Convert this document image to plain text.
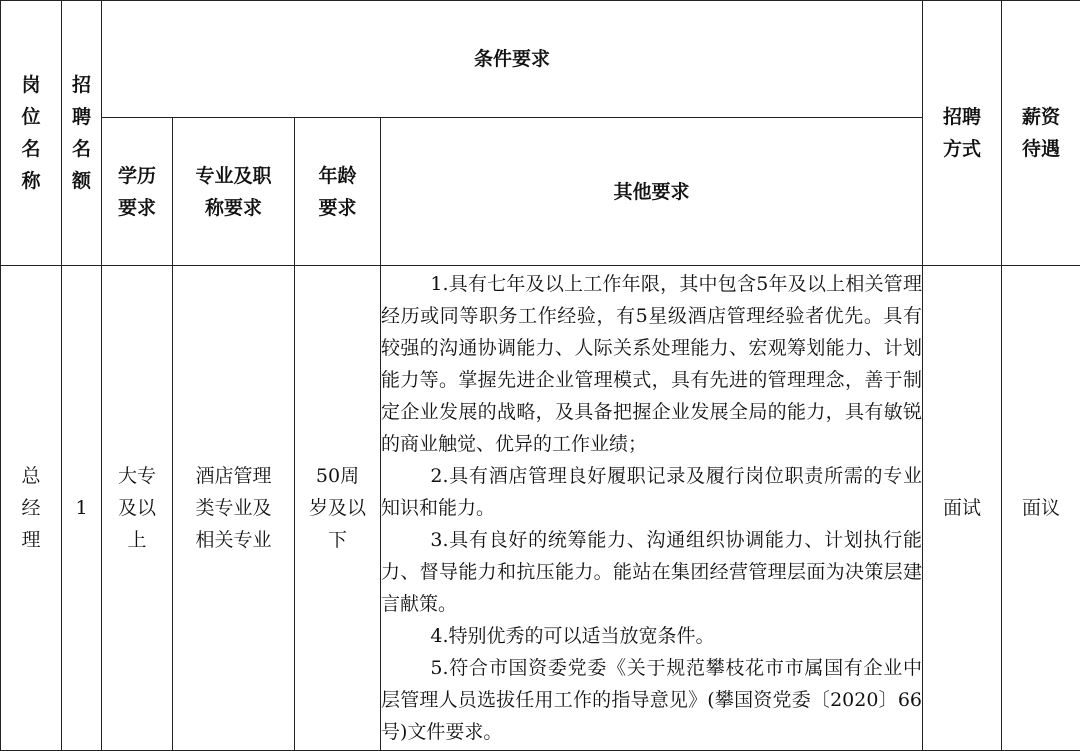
岗位名称	招聘名额	条件要求				招聘方式	薪资待遇
		学历要求	专业及职称要求	年龄要求	其他要求		
总经理	1	大专及以上	酒店管理类专业及相关专业	50周岁及以下	1.具有七年及以上工作年限，其中包含5年及以上相关管理经历或同等职务工作经验，有5星级酒店管理经验者优先。具有较强的沟通协调能力、人际关系处理能力、宏观筹划能力、计划能力等。掌握先进企业管理模式，具有先进的管理理念，善于制定企业发展的战略，及具备把握企业发展全局的能力，具有敏锐的商业触觉、优异的工作业绩；

2.具有酒店管理良好履职记录及履行岗位职责所需的专业知识和能力。

3.具有良好的统筹能力、沟通组织协调能力、计划执行能力、督导能力和抗压能力。能站在集团经营管理层面为决策层建言献策。

4.特别优秀的可以适当放宽条件。

5.符合市国资委党委《关于规范攀枝花市市属国有企业中层管理人员选拔任用工作的指导意见》(攀国资党委〔2020〕66号)文件要求。	面试	面议
